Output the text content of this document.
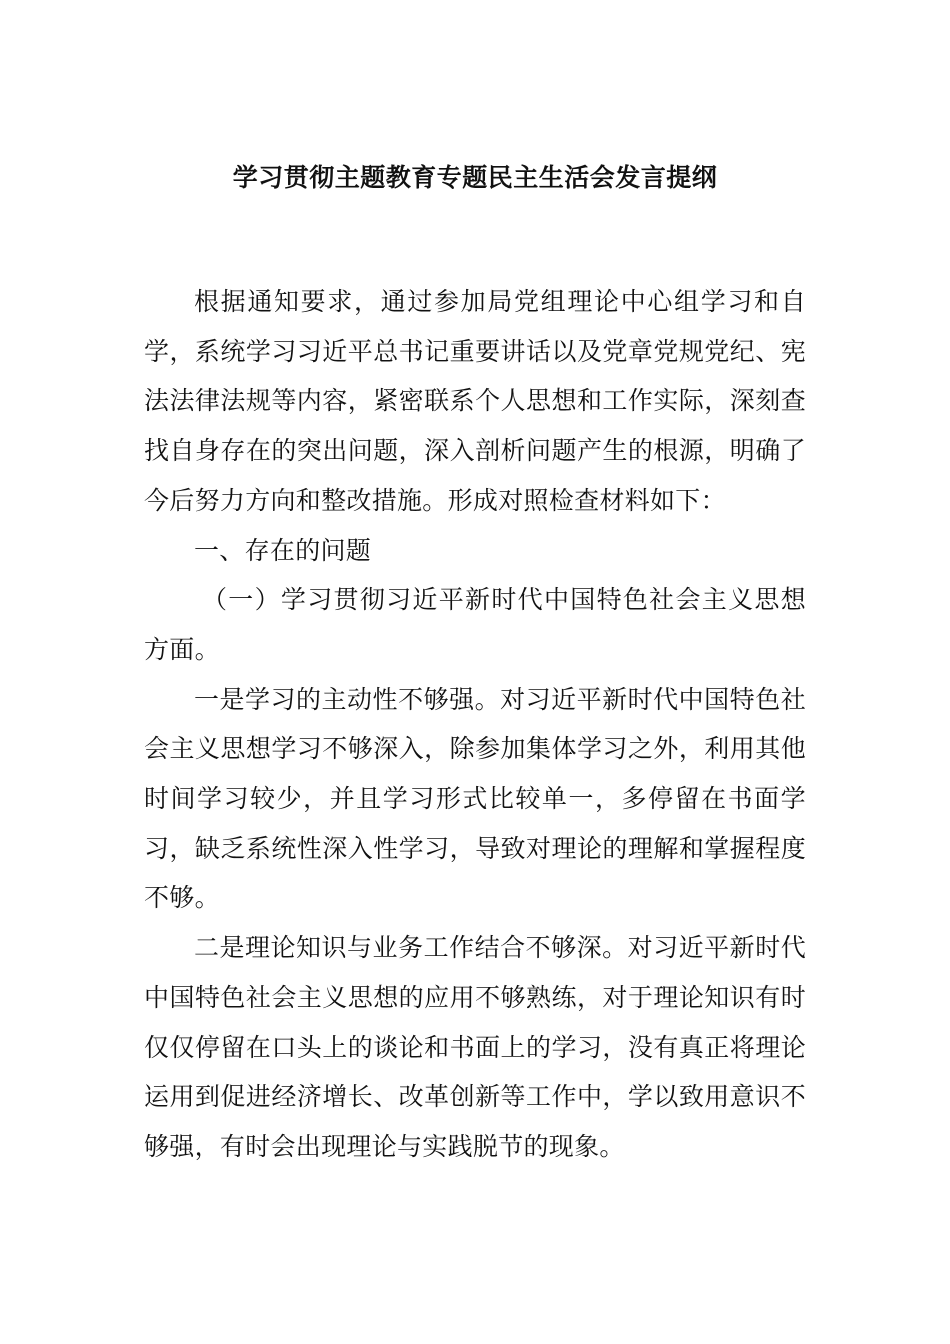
学习贯彻主题教育专题民主生活会发言提纲

根据通知要求，通过参加局党组理论中心组学习和自学，系统学习习近平总书记重要讲话以及党章党规党纪、宪法法律法规等内容，紧密联系个人思想和工作实际，深刻查找自身存在的突出问题，深入剖析问题产生的根源，明确了今后努力方向和整改措施。形成对照检查材料如下：

一、存在的问题

（一）学习贯彻习近平新时代中国特色社会主义思想方面。

一是学习的主动性不够强。对习近平新时代中国特色社会主义思想学习不够深入，除参加集体学习之外，利用其他时间学习较少，并且学习形式比较单一，多停留在书面学习，缺乏系统性深入性学习，导致对理论的理解和掌握程度不够。

二是理论知识与业务工作结合不够深。对习近平新时代中国特色社会主义思想的应用不够熟练，对于理论知识有时仅仅停留在口头上的谈论和书面上的学习，没有真正将理论运用到促进经济增长、改革创新等工作中，学以致用意识不够强，有时会出现理论与实践脱节的现象。
